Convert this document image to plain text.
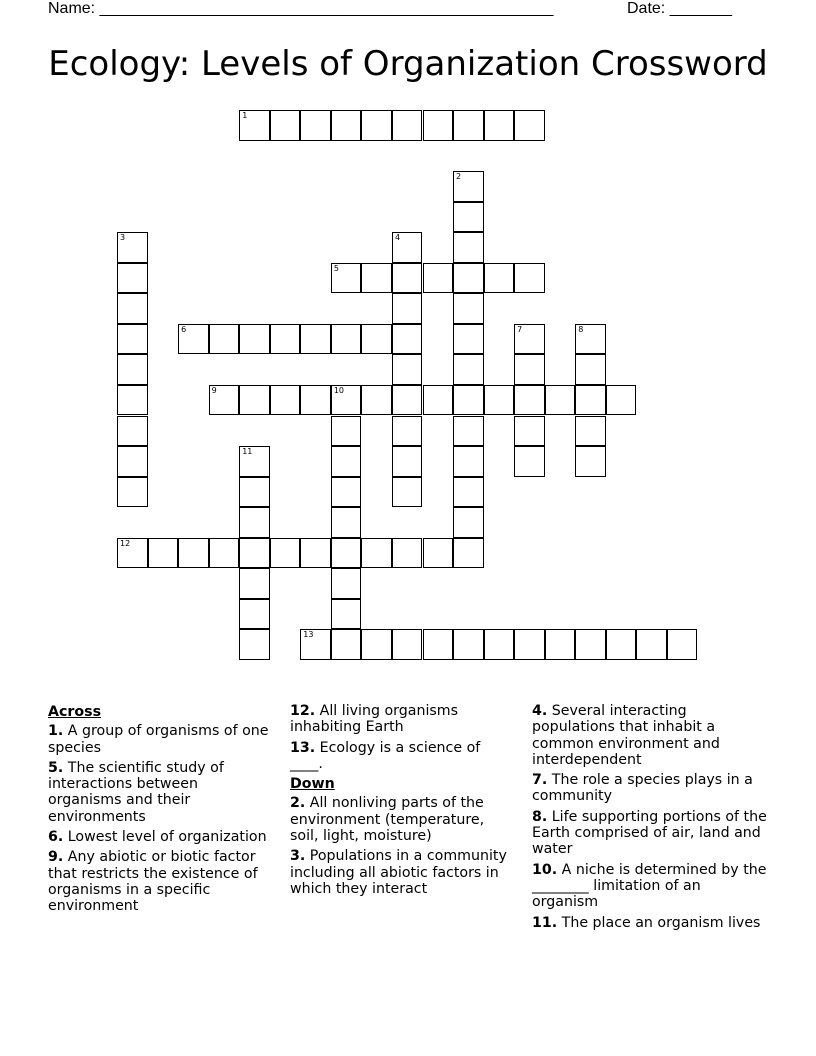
Name: ___________________________________________________	Date: _______
Ecology: Levels of Organization Crossword
1
2
3	4
5
6	7	8
9	10
11
12
13
Across
1. A group of organisms of one species
5. The scientific study of interactions between organisms and their environments
6. Lowest level of organization
9. Any abiotic or biotic factor that restricts the existence of organisms in a specific environment
12. All living organisms inhabiting Earth
13. Ecology is a science of ____.
Down
2. All nonliving parts of the environment (temperature, soil, light, moisture)
3. Populations in a community including all abiotic factors in which they interact
4. Several interacting populations that inhabit a common environment and interdependent
7. The role a species plays in a community
8. Life supporting portions of the Earth comprised of air, land and water
10. A niche is determined by the ________ limitation of an organism
11. The place an organism lives
